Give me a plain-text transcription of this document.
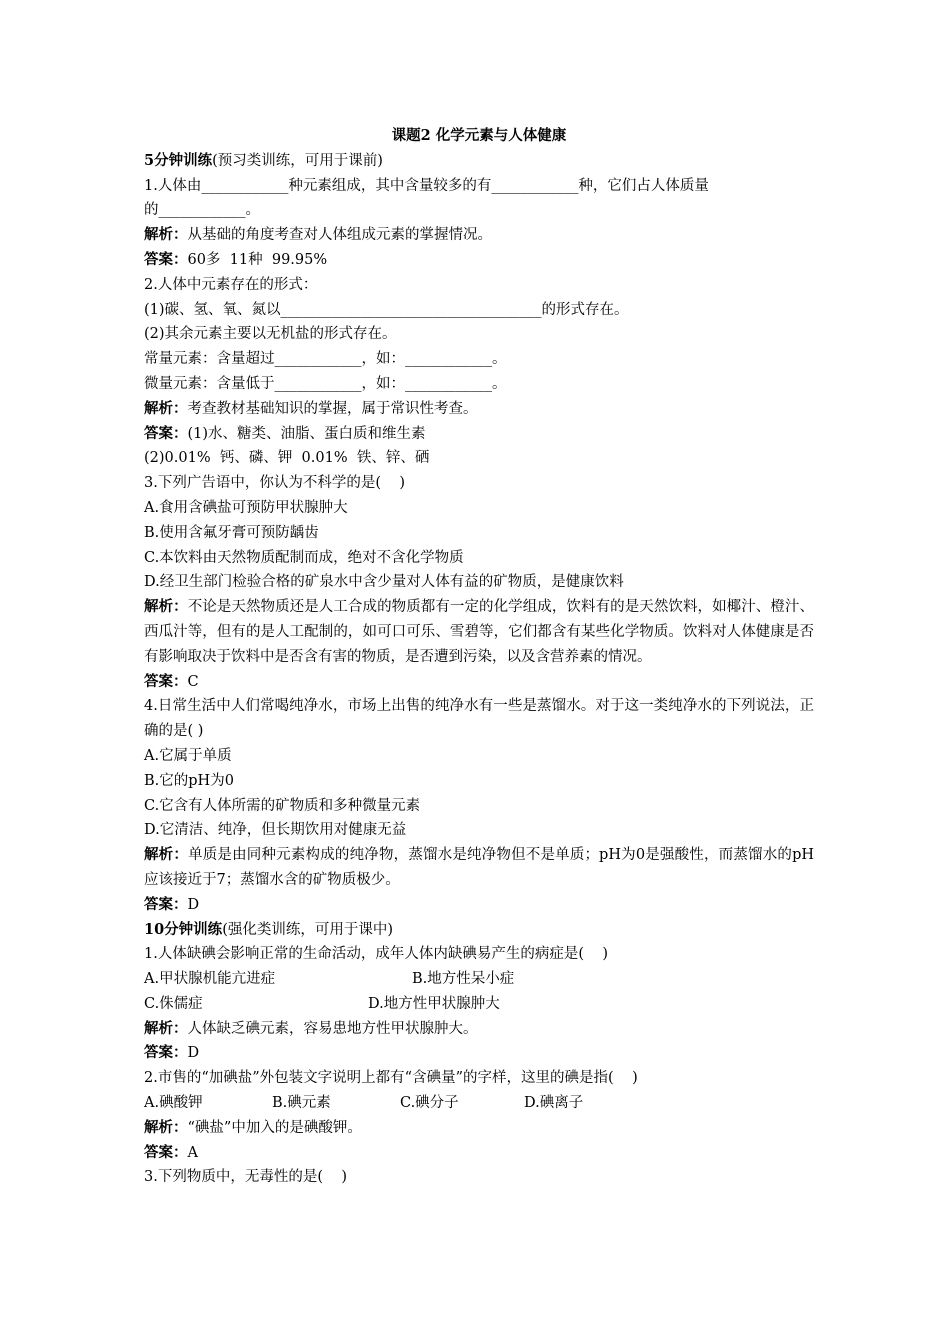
课题2 化学元素与人体健康
5分钟训练(预习类训练，可用于课前)
1.人体由____________种元素组成，其中含量较多的有____________种，它们占人体质量
的____________。
解析：从基础的角度考查对人体组成元素的掌握情况。
答案：60多  11种  99.95%
2.人体中元素存在的形式：
(1)碳、氢、氧、氮以____________________________________的形式存在。
(2)其余元素主要以无机盐的形式存在。
常量元素：含量超过____________，如：____________。
微量元素：含量低于____________，如：____________。
解析：考查教材基础知识的掌握，属于常识性考查。
答案：(1)水、糖类、油脂、蛋白质和维生素
(2)0.01%  钙、磷、钾  0.01%  铁、锌、硒
3.下列广告语中，你认为不科学的是(    )
A.食用含碘盐可预防甲状腺肿大
B.使用含氟牙膏可预防龋齿
C.本饮料由天然物质配制而成，绝对不含化学物质
D.经卫生部门检验合格的矿泉水中含少量对人体有益的矿物质，是健康饮料
解析：不论是天然物质还是人工合成的物质都有一定的化学组成，饮料有的是天然饮料，如椰汁、橙汁、西瓜汁等，但有的是人工配制的，如可口可乐、雪碧等，它们都含有某些化学物质。饮料对人体健康是否有影响取决于饮料中是否含有害的物质，是否遭到污染，以及含营养素的情况。
答案：C
4.日常生活中人们常喝纯净水，市场上出售的纯净水有一些是蒸馏水。对于这一类纯净水的下列说法，正确的是( )
A.它属于单质
B.它的pH为0
C.它含有人体所需的矿物质和多种微量元素
D.它清洁、纯净，但长期饮用对健康无益
解析：单质是由同种元素构成的纯净物，蒸馏水是纯净物但不是单质；pH为0是强酸性，而蒸馏水的pH应该接近于7；蒸馏水含的矿物质极少。
答案：D
10分钟训练(强化类训练，可用于课中)
1.人体缺碘会影响正常的生命活动，成年人体内缺碘易产生的病症是(    )
A.甲状腺机能亢进症	B.地方性呆小症
C.侏儒症	D.地方性甲状腺肿大
解析：人体缺乏碘元素，容易患地方性甲状腺肿大。
答案：D
2.市售的“加碘盐”外包装文字说明上都有“含碘量”的字样，这里的碘是指(    )
A.碘酸钾	B.碘元素	C.碘分子	D.碘离子
解析：“碘盐”中加入的是碘酸钾。
答案：A
3.下列物质中，无毒性的是(    )
